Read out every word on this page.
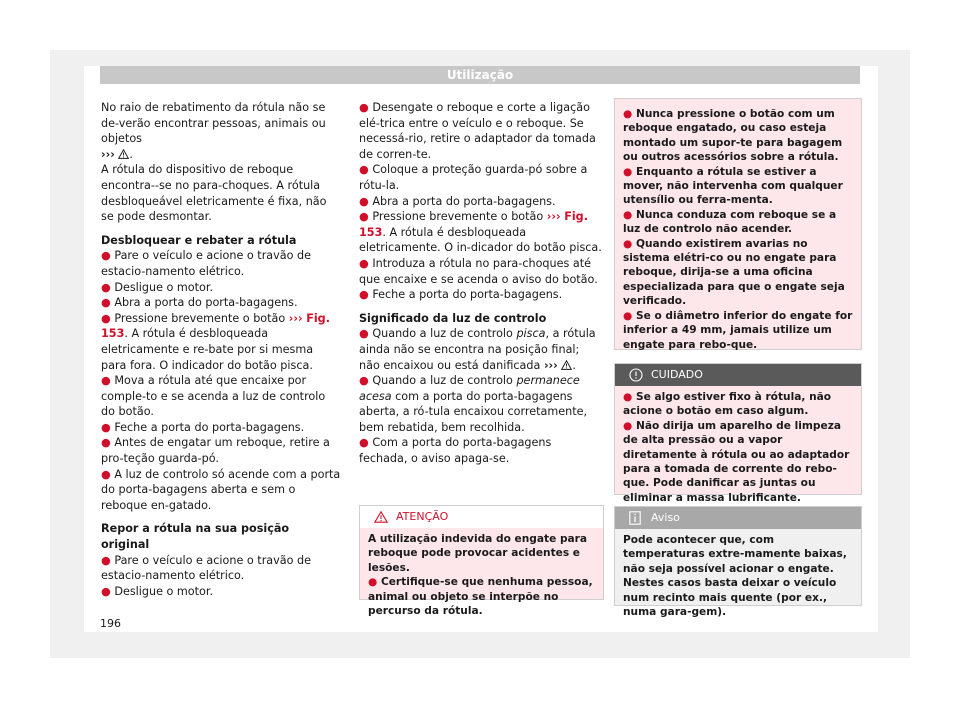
Utilização

No raio de rebatimento da rótula não se de-verão encontrar pessoas, animais ou objetos
››› .

A rótula do dispositivo de reboque encontra--se no para-choques. A rótula desbloqueável eletricamente é fixa, não se pode desmontar.

Desbloquear e rebater a rótula

● Pare o veículo e acione o travão de estacio-namento elétrico.

● Desligue o motor.

● Abra a porta do porta-bagagens.

● Pressione brevemente o botão ››› Fig. 153. A rótula é desbloqueada eletricamente e re-bate por si mesma para fora. O indicador do botão pisca.

● Mova a rótula até que encaixe por comple-to e se acenda a luz de controlo do botão.

● Feche a porta do porta-bagagens.

● Antes de engatar um reboque, retire a pro-teção guarda-pó.

● A luz de controlo só acende com a porta do porta-bagagens aberta e sem o reboque en-gatado.

Repor a rótula na sua posição original

● Pare o veículo e acione o travão de estacio-namento elétrico.

● Desligue o motor.

● Desengate o reboque e corte a ligação elé-trica entre o veículo e o reboque. Se necessá-rio, retire o adaptador da tomada de corren-te.

● Coloque a proteção guarda-pó sobre a rótu-la.

● Abra a porta do porta-bagagens.

● Pressione brevemente o botão ››› Fig. 153. A rótula é desbloqueada eletricamente. O in-dicador do botão pisca.

● Introduza a rótula no para-choques até que encaixe e se acenda o aviso do botão.

● Feche a porta do porta-bagagens.

Significado da luz de controlo

● Quando a luz de controlo pisca, a rótula ainda não se encontra na posição final; não encaixou ou está danificada ››› .

● Quando a luz de controlo permanece acesa com a porta do porta-bagagens aberta, a ró-tula encaixou corretamente, bem rebatida, bem recolhida.

● Com a porta do porta-bagagens fechada, o aviso apaga-se.

ATENÇÃO

A utilização indevida do engate para reboque pode provocar acidentes e lesões.

● Certifique-se que nenhuma pessoa, animal ou objeto se interpõe no percurso da rótula.

● Nunca pressione o botão com um reboque engatado, ou caso esteja montado um supor-te para bagagem ou outros acessórios sobre a rótula.

● Enquanto a rótula se estiver a mover, não intervenha com qualquer utensílio ou ferra-menta.

● Nunca conduza com reboque se a luz de controlo não acender.

● Quando existirem avarias no sistema elétri-co ou no engate para reboque, dirija-se a uma oficina especializada para que o engate seja verificado.

● Se o diâmetro inferior do engate for inferior a 49 mm, jamais utilize um engate para rebo-que.

CUIDADO

● Se algo estiver fixo à rótula, não acione o botão em caso algum.

● Não dirija um aparelho de limpeza de alta pressão ou a vapor diretamente à rótula ou ao adaptador para a tomada de corrente do rebo-que. Pode danificar as juntas ou eliminar a massa lubrificante.

Aviso

Pode acontecer que, com temperaturas extre-mamente baixas, não seja possível acionar o engate. Nestes casos basta deixar o veículo num recinto mais quente (por ex., numa gara-gem).

196
